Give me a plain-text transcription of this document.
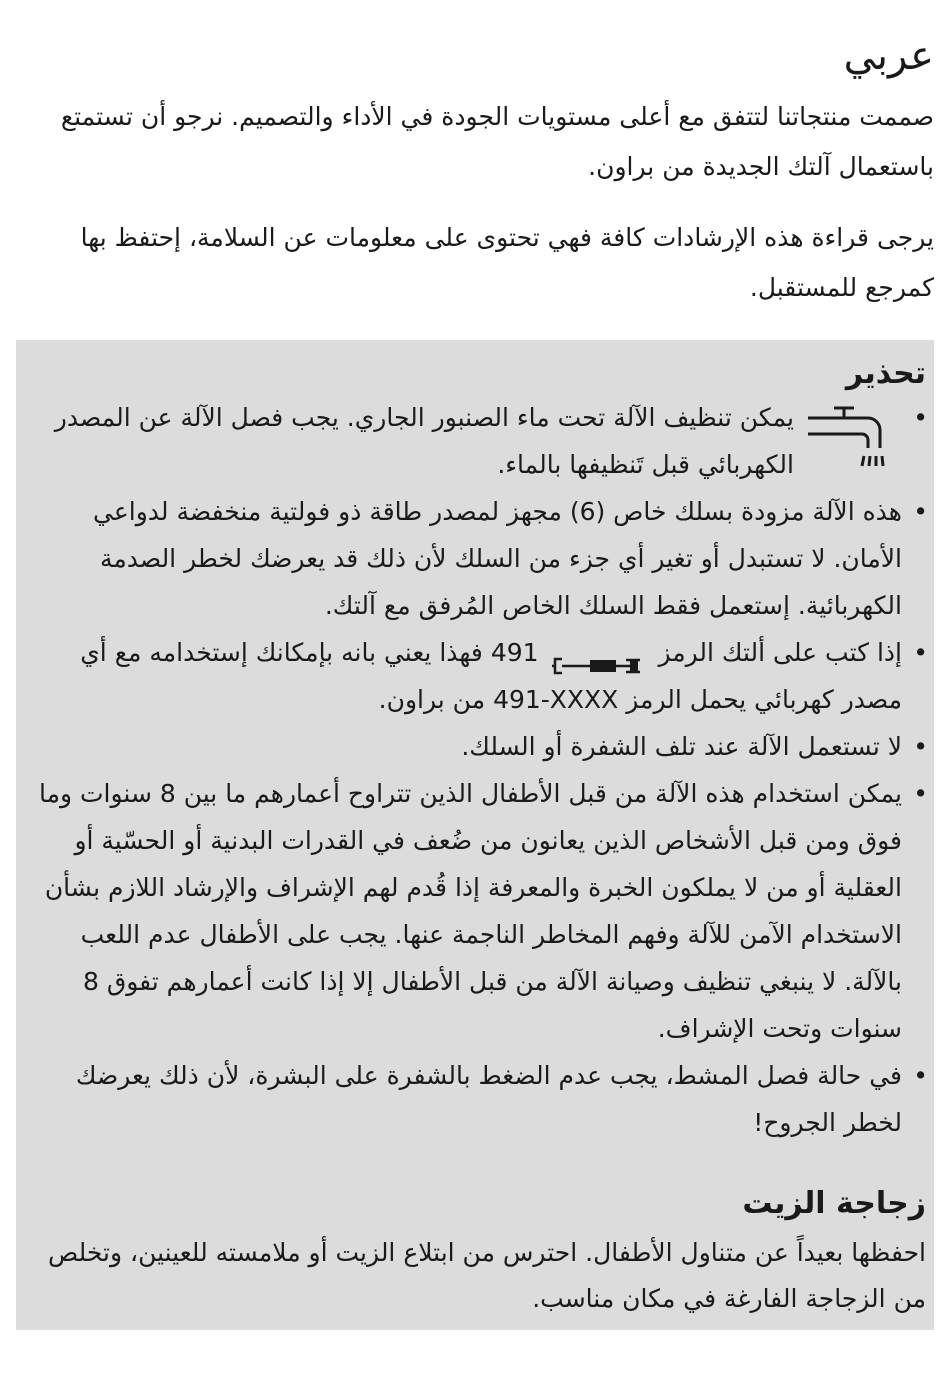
عربي

صممت منتجاتنا لتتفق مع أعلى مستويات الجودة في الأداء والتصميم. نرجو أن تستمتع باستعمال آلتك الجديدة من براون.

يرجى قراءة هذه الإرشادات كافة فهي تحتوى على معلومات عن السلامة، إحتفظ بها كمرجع للمستقبل.

تحذير
•
يمكن تنظيف الآلة تحت ماء الصنبور الجاري. يجب فصل الآلة عن المصدر الكهربائي قبل تَنظيفها بالماء.
•
هذه الآلة مزودة بسلك خاص (6) مجهز لمصدر طاقة ذو فولتية منخفضة لدواعي الأمان. لا تستبدل أو تغير أي جزء من السلك لأن ذلك قد يعرضك لخطر الصدمة الكهربائية. إستعمل فقط السلك الخاص المُرفق مع آلتك.
•
إذا كتب على ألتك الرمز  491 فهذا يعني بانه بإمكانك إستخدامه مع أي مصدر كهربائي يحمل الرمز 491-XXXX من براون.
•
لا تستعمل الآلة عند تلف الشفرة أو السلك.
•
يمكن استخدام هذه الآلة من قبل الأطفال الذين تتراوح أعمارهم ما بين 8 سنوات وما فوق ومن قبل الأشخاص الذين يعانون من ضُعف في القدرات البدنية أو الحسّية أو العقلية أو من لا يملكون الخبرة والمعرفة إذا قُدم لهم الإشراف والإرشاد اللازم بشأن الاستخدام الآمن للآلة وفهم المخاطر الناجمة عنها. يجب على الأطفال عدم اللعب بالآلة. لا ينبغي تنظيف وصيانة الآلة من قبل الأطفال إلا إذا كانت أعمارهم تفوق 8 سنوات وتحت الإشراف.
•
في حالة فصل المشط، يجب عدم الضغط بالشفرة على البشرة، لأن ذلك يعرضك لخطر الجروح!
زجاجة الزيت

احفظها بعيداً عن متناول الأطفال. احترس من ابتلاع الزيت أو ملامسته للعينين، وتخلص من الزجاجة الفارغة في مكان مناسب.
